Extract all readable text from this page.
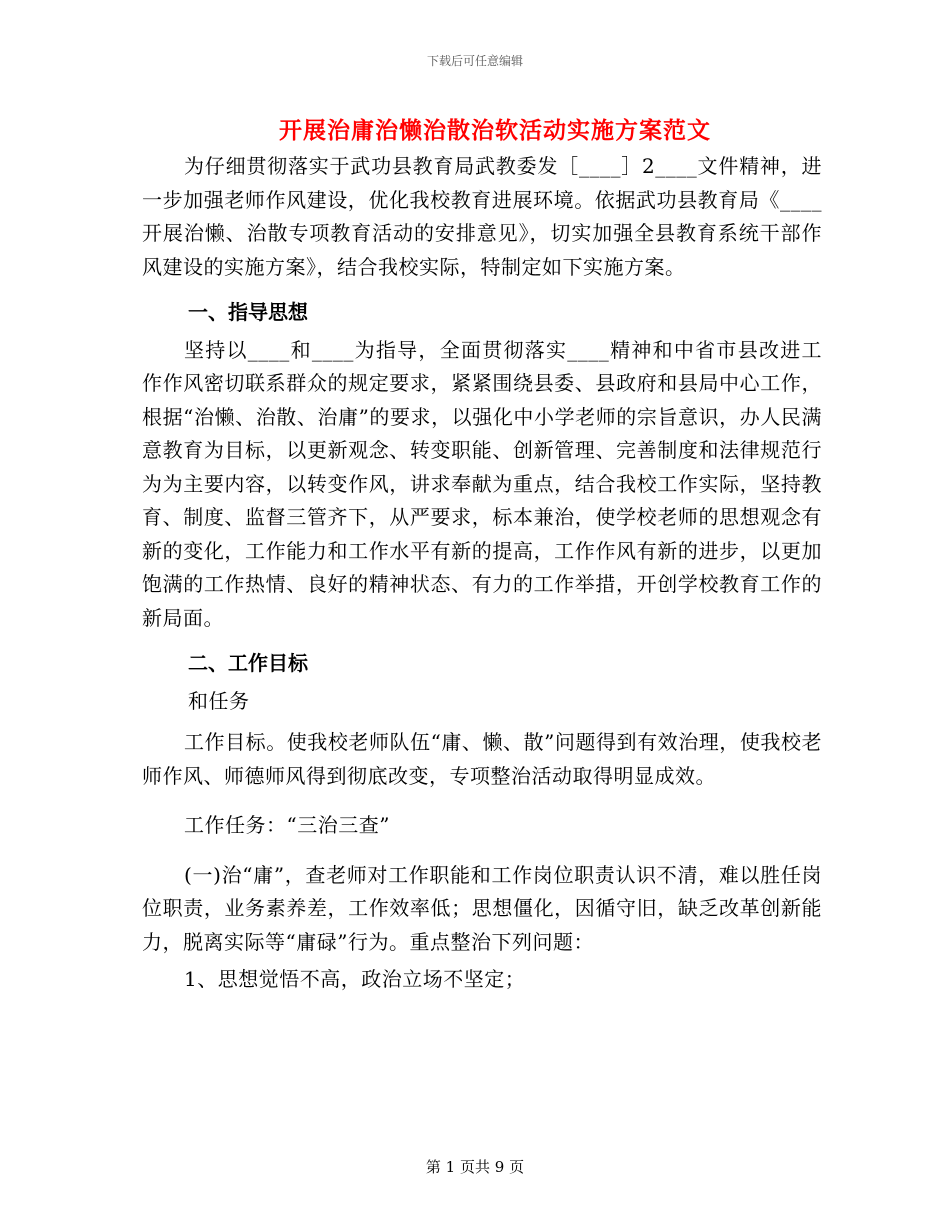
下载后可任意编辑
开展治庸治懒治散治软活动实施方案范文

为仔细贯彻落实于武功县教育局武教委发［____］2____文件精神，进一步加强老师作风建设，优化我校教育进展环境。依据武功县教育局《____开展治懒、治散专项教育活动的安排意见》，切实加强全县教育系统干部作风建设的实施方案》，结合我校实际，特制定如下实施方案。

一、指导思想

坚持以____和____为指导，全面贯彻落实____精神和中省市县改进工作作风密切联系群众的规定要求，紧紧围绕县委、县政府和县局中心工作，根据“治懒、治散、治庸”的要求，以强化中小学老师的宗旨意识，办人民满意教育为目标，以更新观念、转变职能、创新管理、完善制度和法律规范行为为主要内容，以转变作风，讲求奉献为重点，结合我校工作实际，坚持教育、制度、监督三管齐下，从严要求，标本兼治，使学校老师的思想观念有新的变化，工作能力和工作水平有新的提高，工作作风有新的进步，以更加饱满的工作热情、良好的精神状态、有力的工作举措，开创学校教育工作的新局面。

二、工作目标

和任务

工作目标。使我校老师队伍“庸、懒、散”问题得到有效治理，使我校老师作风、师德师风得到彻底改变，专项整治活动取得明显成效。

工作任务：“三治三查”

(一)治“庸”，查老师对工作职能和工作岗位职责认识不清，难以胜任岗位职责，业务素养差，工作效率低；思想僵化，因循守旧，缺乏改革创新能力，脱离实际等“庸碌”行为。重点整治下列问题：

1、思想觉悟不高，政治立场不坚定；

第 1 页共 9 页
